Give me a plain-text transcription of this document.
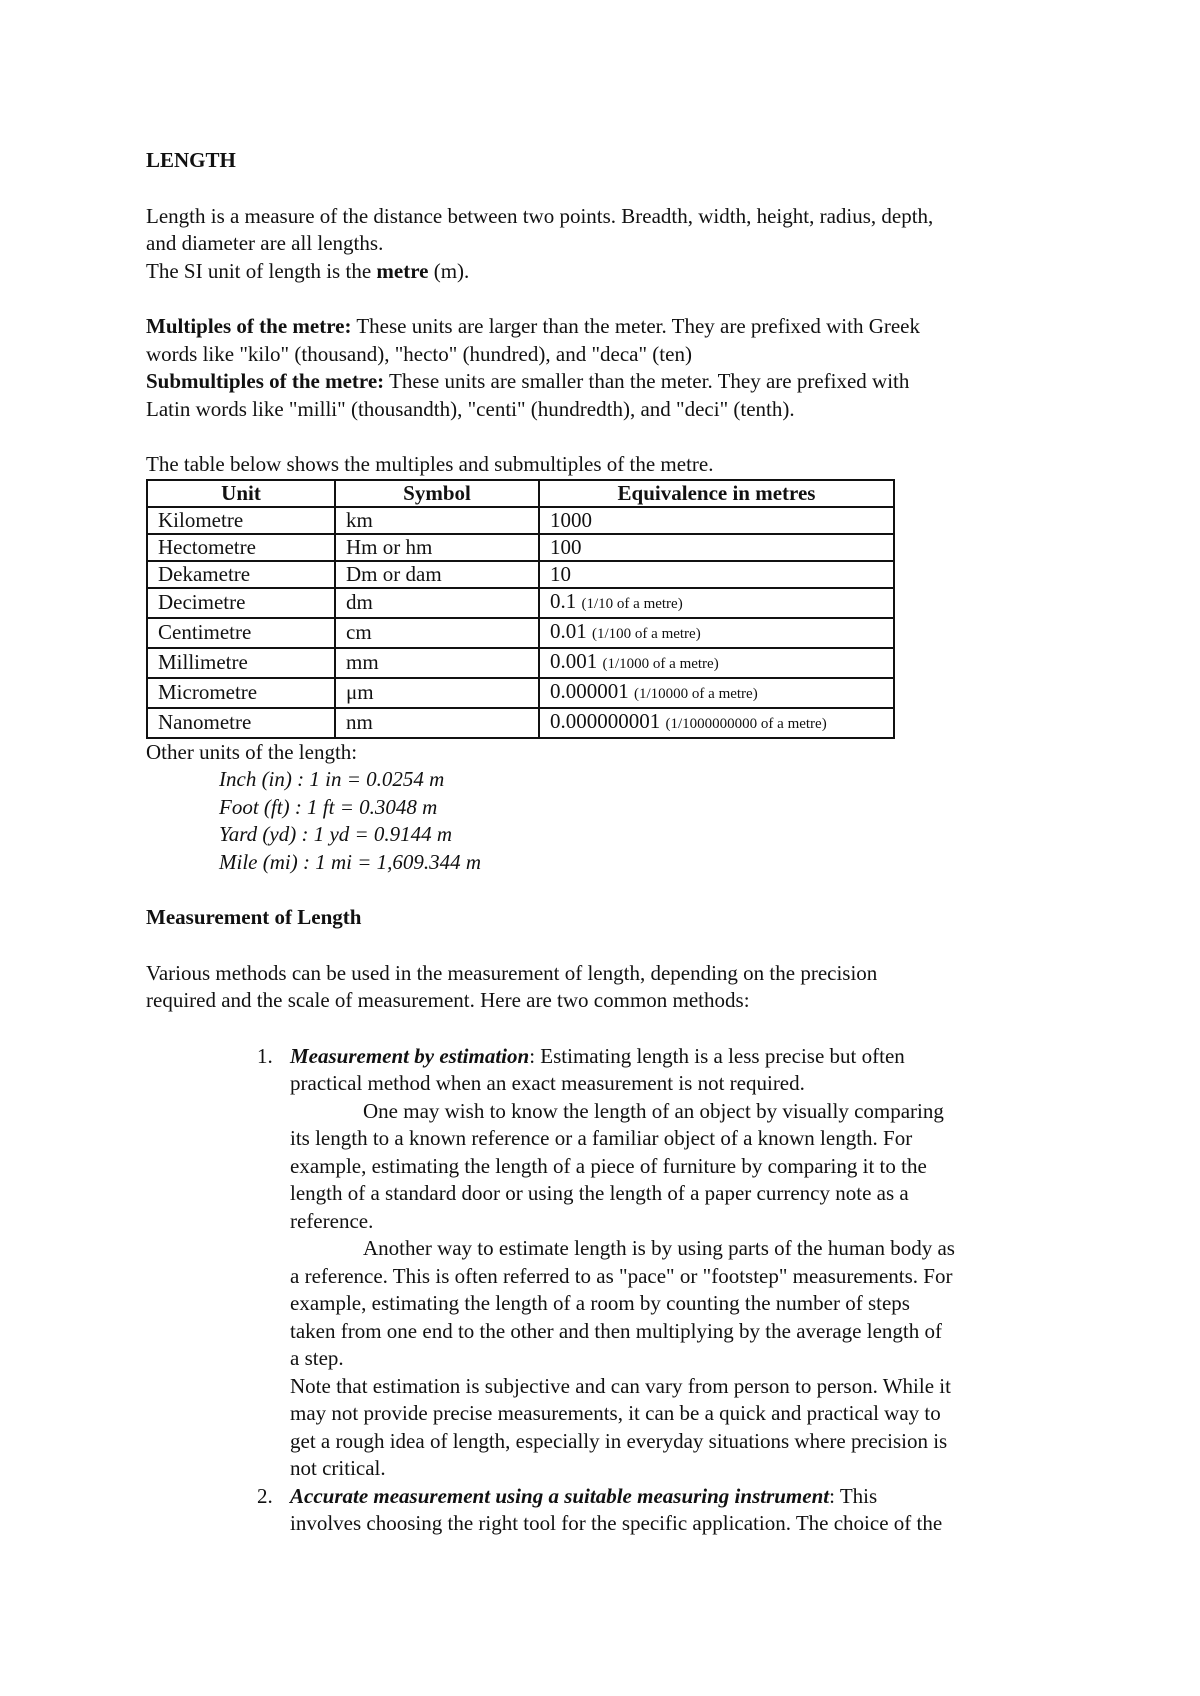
LENGTH

Length is a measure of the distance between two points. Breadth, width, height, radius, depth,

and diameter are all lengths.

The SI unit of length is the metre (m).

Multiples of the metre: These units are larger than the meter. They are prefixed with Greek

words like "kilo" (thousand), "hecto" (hundred), and "deca" (ten)

Submultiples of the metre: These units are smaller than the meter. They are prefixed with

Latin words like "milli" (thousandth), "centi" (hundredth), and "deci" (tenth).

The table below shows the multiples and submultiples of the metre.

Unit	Symbol	Equivalence in metres
Kilometre	km	1000
Hectometre	Hm or hm	100
Dekametre	Dm or dam	10
Decimetre	dm	0.1 (1/10 of a metre)
Centimetre	cm	0.01 (1/100 of a metre)
Millimetre	mm	0.001 (1/1000 of a metre)
Micrometre	μm	0.000001 (1/10000 of a metre)
Nanometre	nm	0.000000001 (1/1000000000 of a metre)

Other units of the length:

Inch (in) : 1 in = 0.0254 m

Foot (ft) : 1 ft = 0.3048 m

Yard (yd) : 1 yd = 0.9144 m

Mile (mi) : 1 mi = 1,609.344 m

Measurement of Length

Various methods can be used in the measurement of length, depending on the precision

required and the scale of measurement. Here are two common methods:

1. Measurement by estimation: Estimating length is a less precise but often

practical method when an exact measurement is not required.

One may wish to know the length of an object by visually comparing

its length to a known reference or a familiar object of a known length. For

example, estimating the length of a piece of furniture by comparing it to the

length of a standard door or using the length of a paper currency note as a

reference.

Another way to estimate length is by using parts of the human body as

a reference. This is often referred to as "pace" or "footstep" measurements. For

example, estimating the length of a room by counting the number of steps

taken from one end to the other and then multiplying by the average length of

a step.

Note that estimation is subjective and can vary from person to person. While it

may not provide precise measurements, it can be a quick and practical way to

get a rough idea of length, especially in everyday situations where precision is

not critical.

2. Accurate measurement using a suitable measuring instrument: This

involves choosing the right tool for the specific application. The choice of the
